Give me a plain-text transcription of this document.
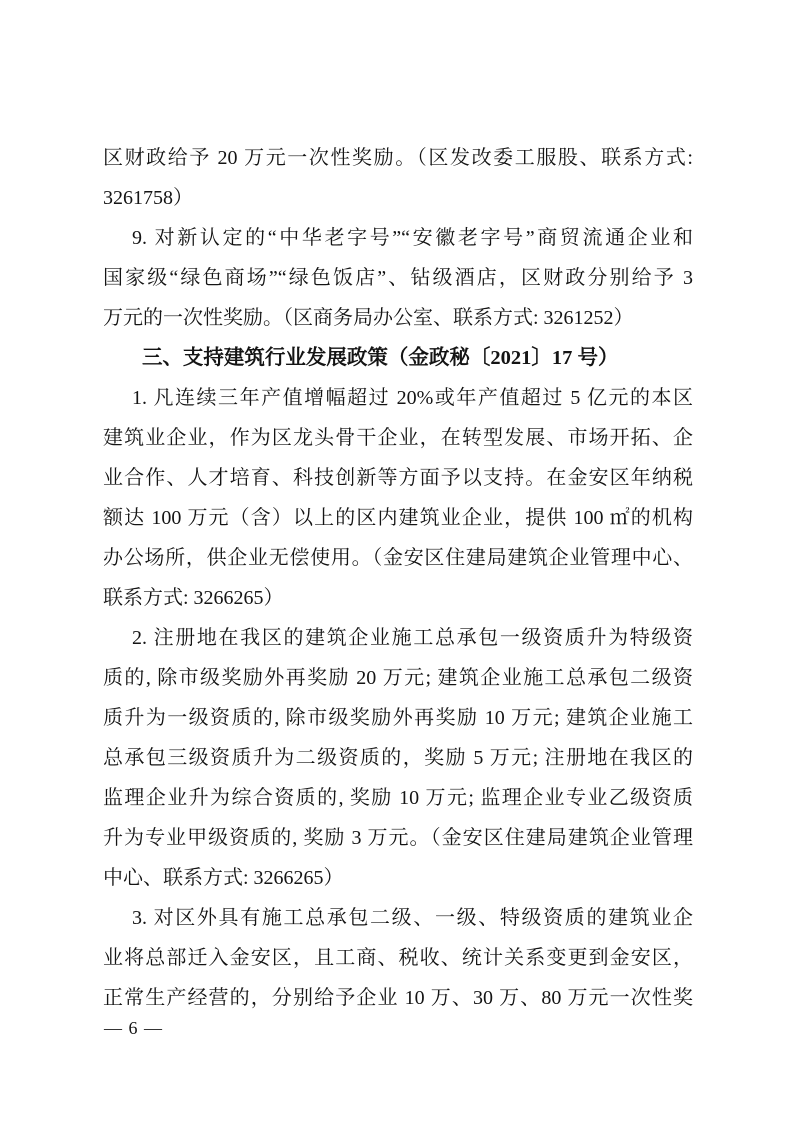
区财政给予 20 万元一次性奖励。（区发改委工服股、联系方式:
3261758）
9. 对新认定的“中华老字号”“安徽老字号”商贸流通企业和
国家级“绿色商场”“绿色饭店”、钻级酒店，区财政分别给予 3
万元的一次性奖励。（区商务局办公室、联系方式: 3261252）
三、支持建筑行业发展政策（金政秘〔2021〕17 号）
1. 凡连续三年产值增幅超过 20%或年产值超过 5 亿元的本区
建筑业企业，作为区龙头骨干企业，在转型发展、市场开拓、企
业合作、人才培育、科技创新等方面予以支持。在金安区年纳税
额达 100 万元（含）以上的区内建筑业企业，提供 100 ㎡的机构
办公场所，供企业无偿使用。（金安区住建局建筑企业管理中心、
联系方式: 3266265）
2. 注册地在我区的建筑企业施工总承包一级资质升为特级资
质的, 除市级奖励外再奖励 20 万元; 建筑企业施工总承包二级资
质升为一级资质的, 除市级奖励外再奖励 10 万元; 建筑企业施工
总承包三级资质升为二级资质的，奖励 5 万元; 注册地在我区的
监理企业升为综合资质的, 奖励 10 万元; 监理企业专业乙级资质
升为专业甲级资质的, 奖励 3 万元。（金安区住建局建筑企业管理
中心、联系方式: 3266265）
3. 对区外具有施工总承包二级、一级、特级资质的建筑业企
业将总部迁入金安区，且工商、税收、统计关系变更到金安区，
正常生产经营的，分别给予企业 10 万、30 万、80 万元一次性奖
— 6 —
